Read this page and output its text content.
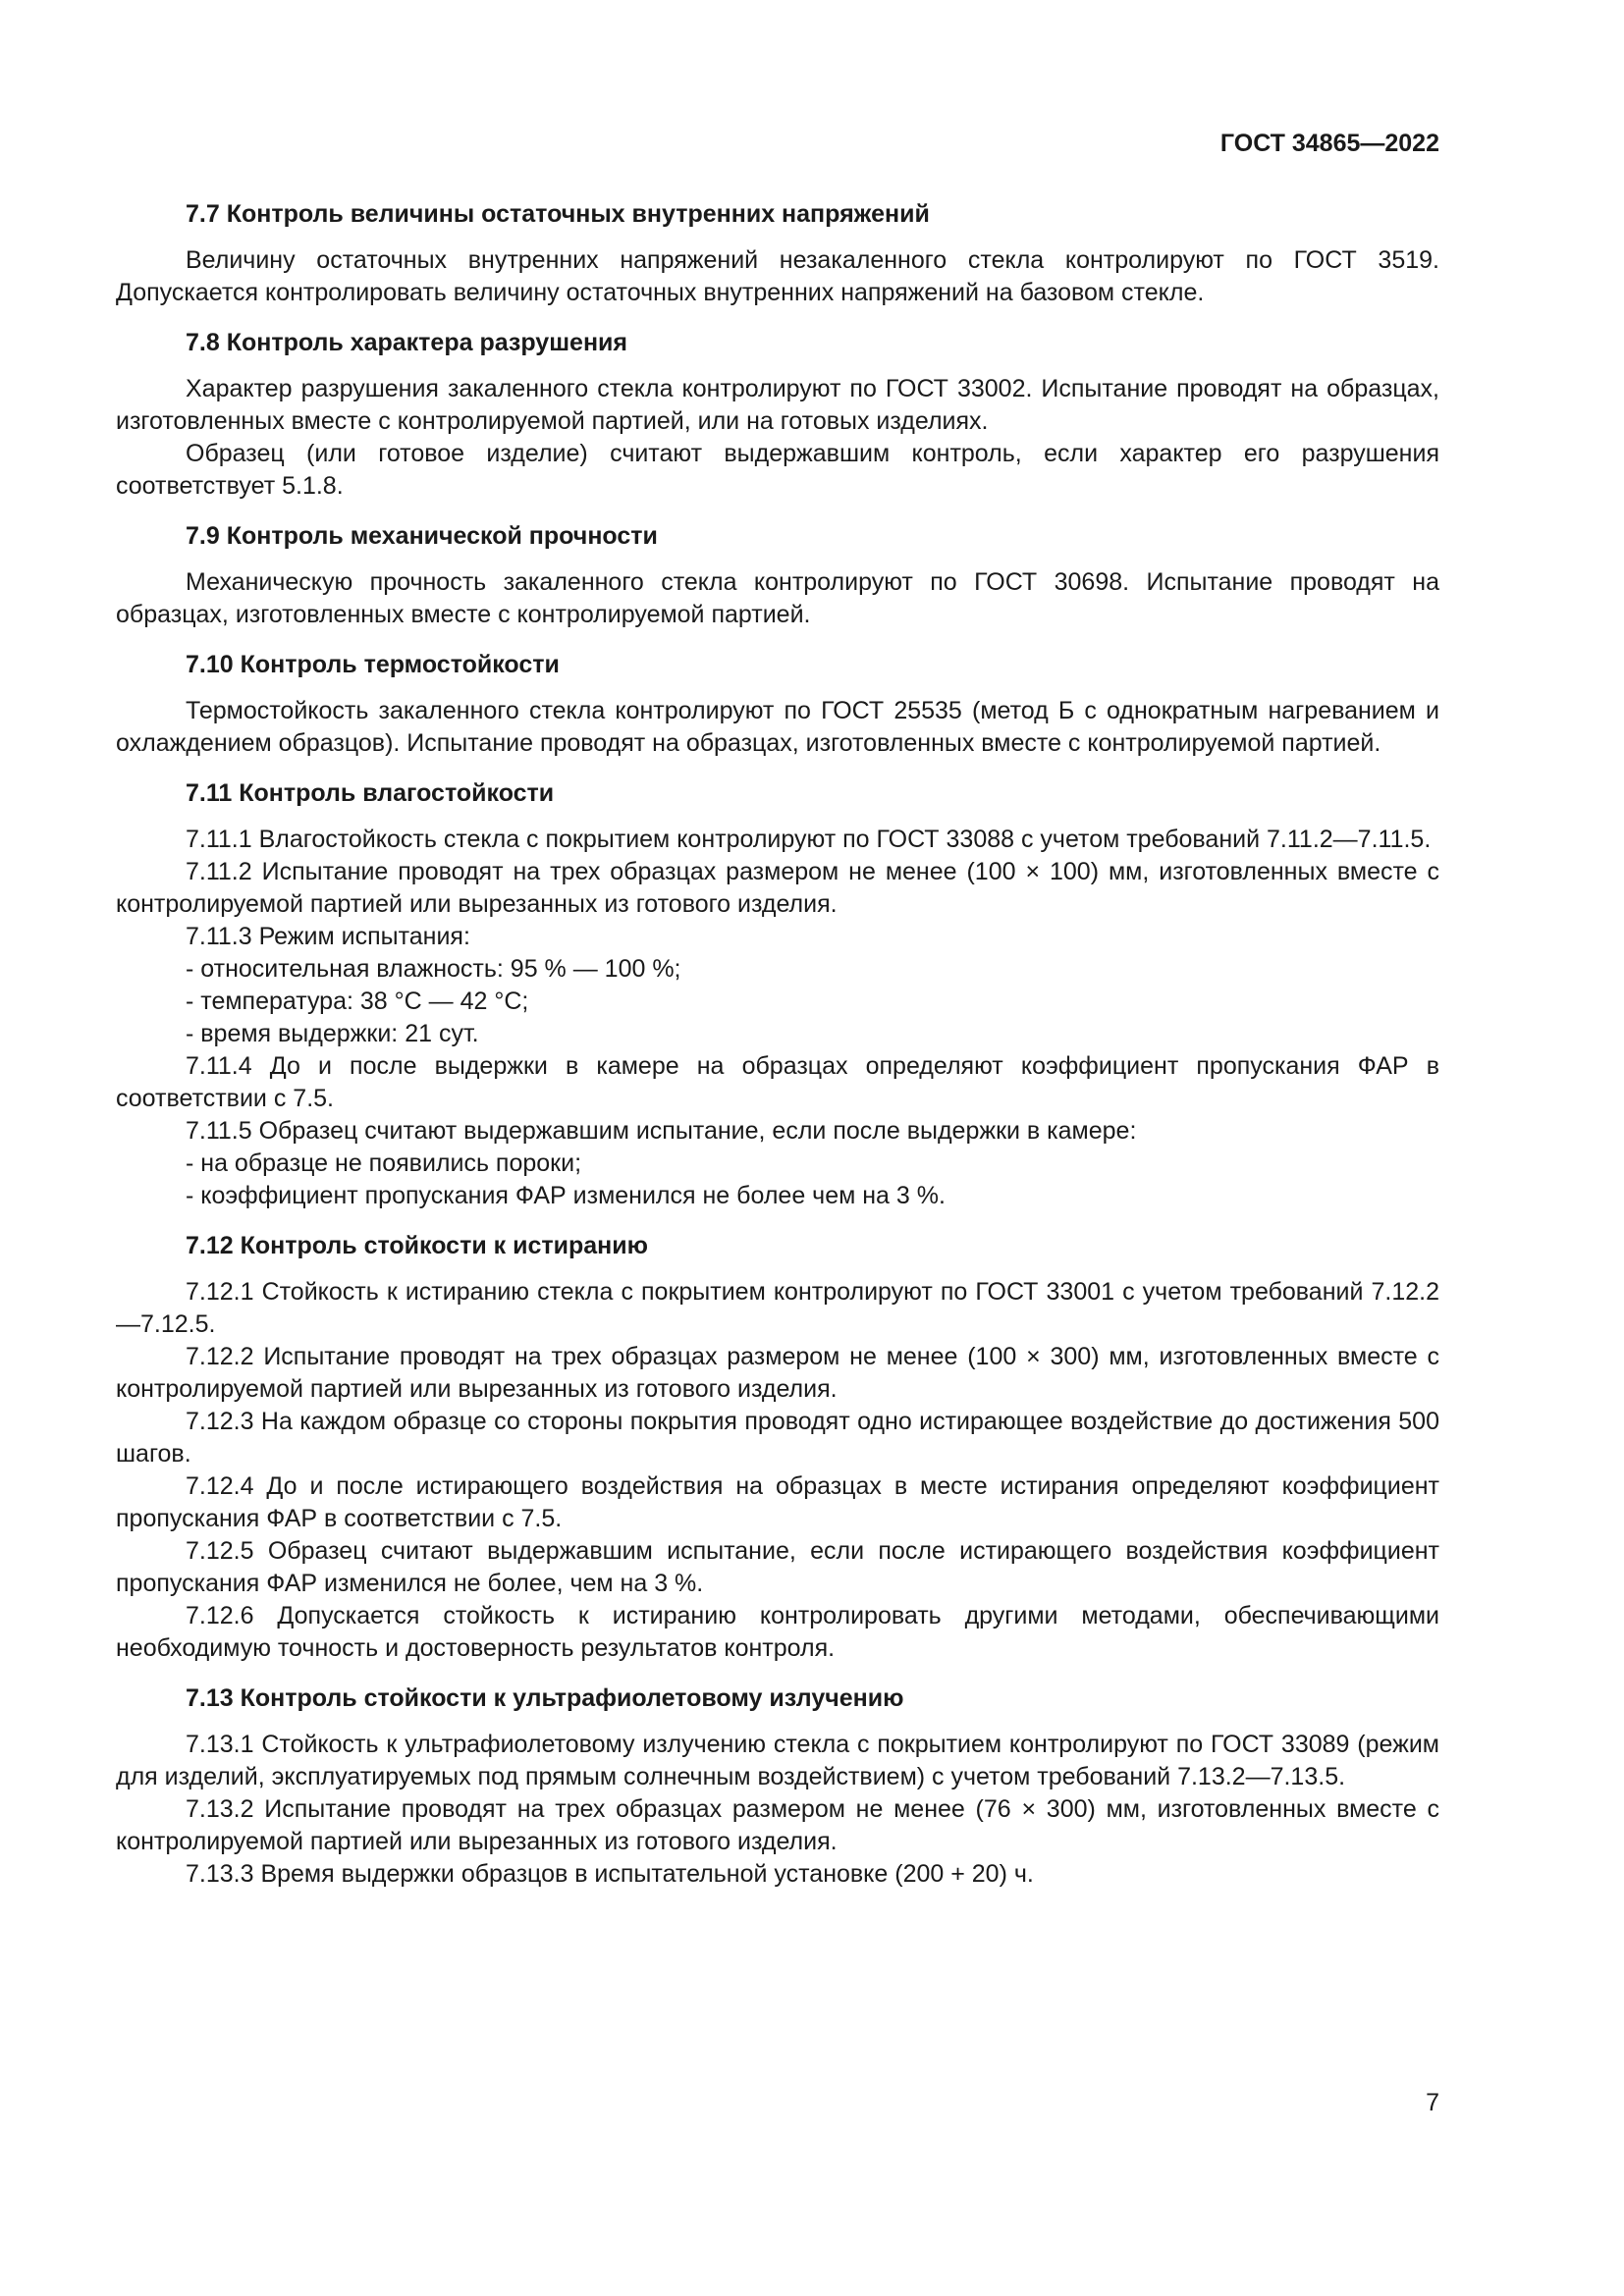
ГОСТ 34865—2022
7.7 Контроль величины остаточных внутренних напряжений

Величину остаточных внутренних напряжений незакаленного стекла контролируют по ГОСТ 3519. Допускается контролировать величину остаточных внутренних напряжений на базовом стекле.

7.8 Контроль характера разрушения

Характер разрушения закаленного стекла контролируют по ГОСТ 33002. Испытание проводят на образцах, изготовленных вместе с контролируемой партией, или на готовых изделиях.

Образец (или готовое изделие) считают выдержавшим контроль, если характер его разрушения соответствует 5.1.8.

7.9 Контроль механической прочности

Механическую прочность закаленного стекла контролируют по ГОСТ 30698. Испытание проводят на образцах, изготовленных вместе с контролируемой партией.

7.10 Контроль термостойкости

Термостойкость закаленного стекла контролируют по ГОСТ 25535 (метод Б с однократным нагреванием и охлаждением образцов). Испытание проводят на образцах, изготовленных вместе с контролируемой партией.

7.11 Контроль влагостойкости

7.11.1 Влагостойкость стекла с покрытием контролируют по ГОСТ 33088 с учетом требований 7.11.2—7.11.5.

7.11.2 Испытание проводят на трех образцах размером не менее (100 × 100) мм, изготовленных вместе с контролируемой партией или вырезанных из готового изделия.

7.11.3 Режим испытания:

- относительная влажность: 95 % — 100 %;

- температура: 38 °С — 42 °С;

- время выдержки: 21 сут.

7.11.4 До и после выдержки в камере на образцах определяют коэффициент пропускания ФАР в соответствии с 7.5.

7.11.5 Образец считают выдержавшим испытание, если после выдержки в камере:

- на образце не появились пороки;

- коэффициент пропускания ФАР изменился не более чем на 3 %.

7.12 Контроль стойкости к истиранию

7.12.1 Стойкость к истиранию стекла с покрытием контролируют по ГОСТ 33001 с учетом требований 7.12.2—7.12.5.

7.12.2 Испытание проводят на трех образцах размером не менее (100 × 300) мм, изготовленных вместе с контролируемой партией или вырезанных из готового изделия.

7.12.3 На каждом образце со стороны покрытия проводят одно истирающее воздействие до достижения 500 шагов.

7.12.4 До и после истирающего воздействия на образцах в месте истирания определяют коэффициент пропускания ФАР в соответствии с 7.5.

7.12.5 Образец считают выдержавшим испытание, если после истирающего воздействия коэффициент пропускания ФАР изменился не более, чем на 3 %.

7.12.6 Допускается стойкость к истиранию контролировать другими методами, обеспечивающими необходимую точность и достоверность результатов контроля.

7.13 Контроль стойкости к ультрафиолетовому излучению

7.13.1 Стойкость к ультрафиолетовому излучению стекла с покрытием контролируют по ГОСТ 33089 (режим для изделий, эксплуатируемых под прямым солнечным воздействием) с учетом требований 7.13.2—7.13.5.

7.13.2 Испытание проводят на трех образцах размером не менее (76 × 300) мм, изготовленных вместе с контролируемой партией или вырезанных из готового изделия.

7.13.3 Время выдержки образцов в испытательной установке (200 + 20) ч.

7
